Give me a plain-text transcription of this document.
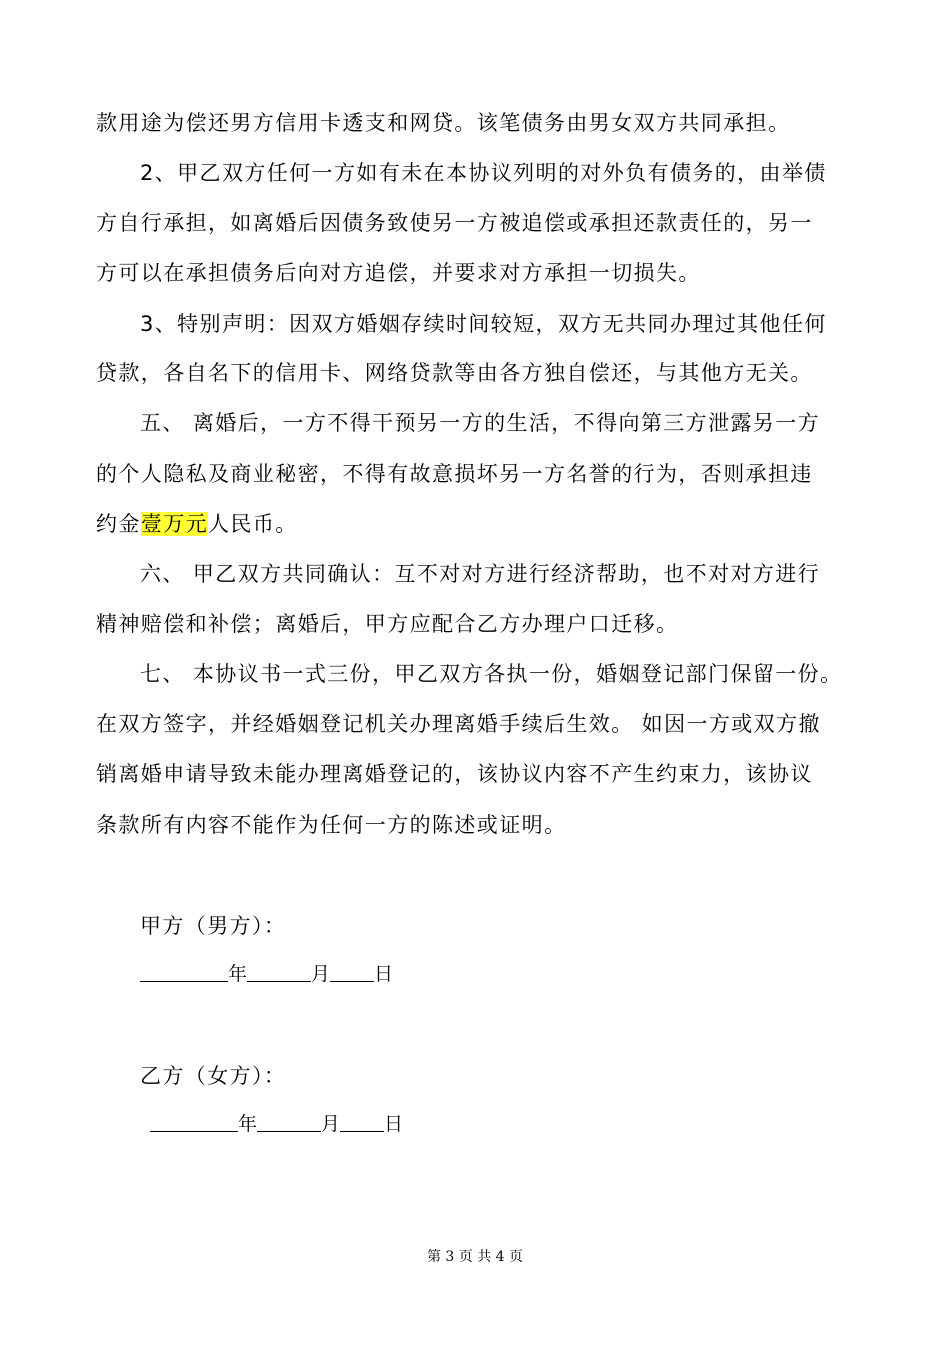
款用途为偿还男方信用卡透支和网贷。该笔债务由男女双方共同承担。
2、甲乙双方任何一方如有未在本协议列明的对外负有债务的，由举债
方自行承担，如离婚后因债务致使另一方被追偿或承担还款责任的，另一
方可以在承担债务后向对方追偿，并要求对方承担一切损失。
3、特别声明：因双方婚姻存续时间较短，双方无共同办理过其他任何
贷款，各自名下的信用卡、网络贷款等由各方独自偿还，与其他方无关。
五、 离婚后，一方不得干预另一方的生活，不得向第三方泄露另一方
的个人隐私及商业秘密，不得有故意损坏另一方名誉的行为，否则承担违
约金壹万元人民币。
六、 甲乙双方共同确认：互不对对方进行经济帮助，也不对对方进行
精神赔偿和补偿；离婚后，甲方应配合乙方办理户口迁移。
七、 本协议书一式三份，甲乙双方各执一份，婚姻登记部门保留一份。
在双方签字，并经婚姻登记机关办理离婚手续后生效。 如因一方或双方撤
销离婚申请导致未能办理离婚登记的，该协议内容不产生约束力，该协议
条款所有内容不能作为任何一方的陈述或证明。
甲方（男方）：
年	月 日
乙方（女方）：
年	月 日
第 3 页 共 4 页
